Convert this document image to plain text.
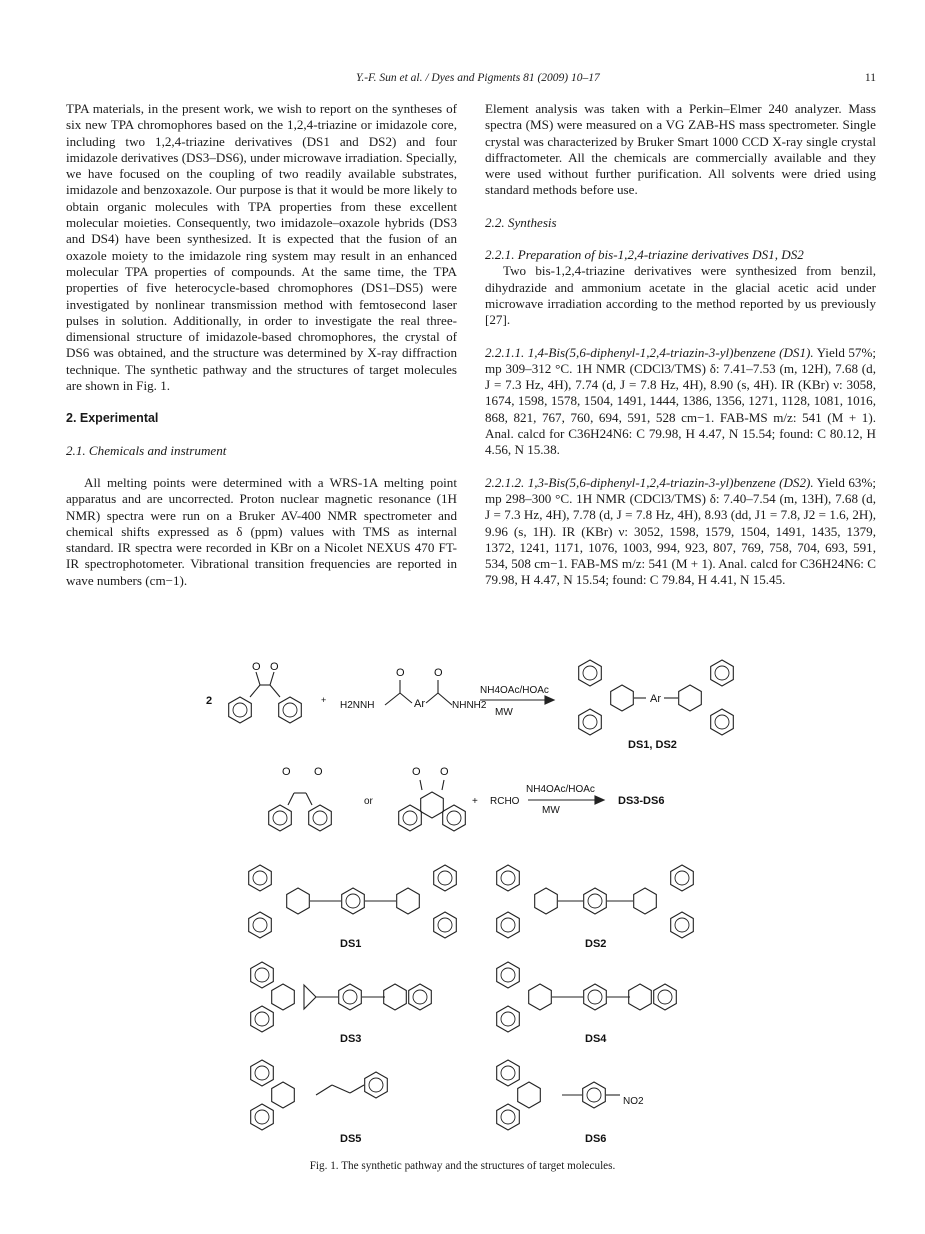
Y.-F. Sun et al. / Dyes and Pigments 81 (2009) 10–17	11

TPA materials, in the present work, we wish to report on the syntheses of six new TPA chromophores based on the 1,2,4-triazine or imidazole core, including two 1,2,4-triazine derivatives (DS1 and DS2) and four imidazole derivatives (DS3–DS6), under microwave irradiation. Specially, we have focused on the coupling of two readily available substrates, imidazole and benzoxazole. Our purpose is that it would be more likely to obtain organic molecules with TPA properties from these excellent molecular moieties. Consequently, two imidazole–oxazole hybrids (DS3 and DS4) have been synthesized. It is expected that the fusion of an oxazole moiety to the imidazole ring system may result in an enhanced molecular TPA properties of compounds. At the same time, the TPA properties of five heterocycle-based chromophores (DS1–DS5) were investigated by nonlinear transmission method with femtosecond laser pulses in solution. Additionally, in order to investigate the real three-dimensional structure of imidazole-based chromophores, the crystal of DS6 was obtained, and the structure was determined by X-ray diffraction technique. The synthetic pathway and the structures of target molecules are shown in Fig. 1.

2. Experimental
2.1. Chemicals and instrument

All melting points were determined with a WRS-1A melting point apparatus and are uncorrected. Proton nuclear magnetic resonance (1H NMR) spectra were run on a Bruker AV-400 NMR spectrometer and chemical shifts expressed as δ (ppm) values with TMS as internal standard. IR spectra were recorded in KBr on a Nicolet NEXUS 470 FT-IR spectrophotometer. Vibrational transition frequencies are reported in wave numbers (cm−1).

Element analysis was taken with a Perkin–Elmer 240 analyzer. Mass spectra (MS) were measured on a VG ZAB-HS mass spectrometer. Single crystal was characterized by Bruker Smart 1000 CCD X-ray single crystal diffractometer. All the chemicals are commercially available and they were used without further purification. All solvents were dried using standard methods before use.

2.2. Synthesis
2.2.1. Preparation of bis-1,2,4-triazine derivatives DS1, DS2

Two bis-1,2,4-triazine derivatives were synthesized from benzil, dihydrazide and ammonium acetate in the glacial acetic acid under microwave irradiation according to the method reported by us previously [27].

2.2.1.1. 1,4-Bis(5,6-diphenyl-1,2,4-triazin-3-yl)benzene (DS1). Yield 57%; mp 309–312 °C. 1H NMR (CDCl3/TMS) δ: 7.41–7.53 (m, 12H), 7.68 (d, J = 7.3 Hz, 4H), 7.74 (d, J = 7.8 Hz, 4H), 8.90 (s, 4H). IR (KBr) ν: 3058, 1674, 1598, 1578, 1504, 1491, 1444, 1386, 1356, 1271, 1128, 1081, 1016, 868, 821, 767, 760, 694, 591, 528 cm−1. FAB-MS m/z: 541 (M + 1). Anal. calcd for C36H24N6: C 79.98, H 4.47, N 15.54; found: C 80.12, H 4.56, N 15.38.

2.2.1.2. 1,3-Bis(5,6-diphenyl-1,2,4-triazin-3-yl)benzene (DS2). Yield 63%; mp 298–300 °C. 1H NMR (CDCl3/TMS) δ: 7.40–7.54 (m, 13H), 7.68 (d, J = 7.3 Hz, 4H), 7.78 (d, J = 7.8 Hz, 4H), 8.93 (dd, J1 = 7.8, J2 = 1.6, 2H), 9.96 (s, 1H). IR (KBr) ν: 3052, 1598, 1579, 1504, 1491, 1435, 1379, 1372, 1241, 1171, 1076, 1003, 994, 923, 807, 769, 758, 704, 693, 591, 534, 508 cm−1. FAB-MS m/z: 541 (M + 1). Anal. calcd for C36H24N6: C 79.98, H 4.47, N 15.54; found: C 79.84, H 4.41, N 15.45.

2
O O
+ H2NNH
O
Ar
O
NHNH2
NH4OAc/HOAc
MW
Ar
DS1, DS2
O O
or
O O
+ RCHO
NH4OAc/HOAc
MW
DS3-DS6
NO2
DS1	DS2
DS3	DS4
DS5	DS6
Fig. 1. The synthetic pathway and the structures of target molecules.
